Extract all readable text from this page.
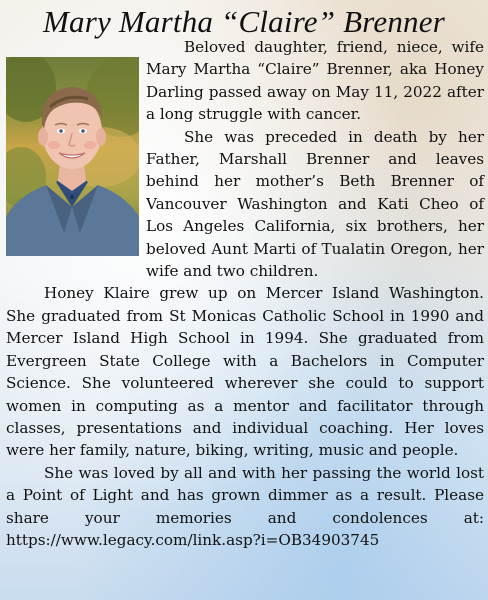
Mary Martha “Claire” Brenner

Beloved daughter, friend, niece, wife Mary Martha “Claire” Brenner, aka Honey Darling passed away on May 11, 2022 after a long struggle with cancer.

She was preceded in death by her Father, Marshall Brenner and leaves behind her mother’s Beth Brenner of Vancouver Washington and Kati Cheo of Los Angeles California, six brothers, her beloved Aunt Marti of Tualatin Oregon, her wife and two children.

Honey Klaire grew up on Mercer Island Washington. She graduated from St Monicas Catholic School in 1990 and Mercer Island High School in 1994. She graduated from Evergreen State College with a Bachelors in Computer Science. She volunteered wherever she could to support women in computing as a mentor and facilitator through classes, presentations and individual coaching. Her loves were her family, nature, biking, writing, music and people.

She was loved by all and with her passing the world lost a Point of Light and has grown dimmer as a result. Please share your memories and condolences at: https://www.legacy.com/link.asp?i=OB34903745
